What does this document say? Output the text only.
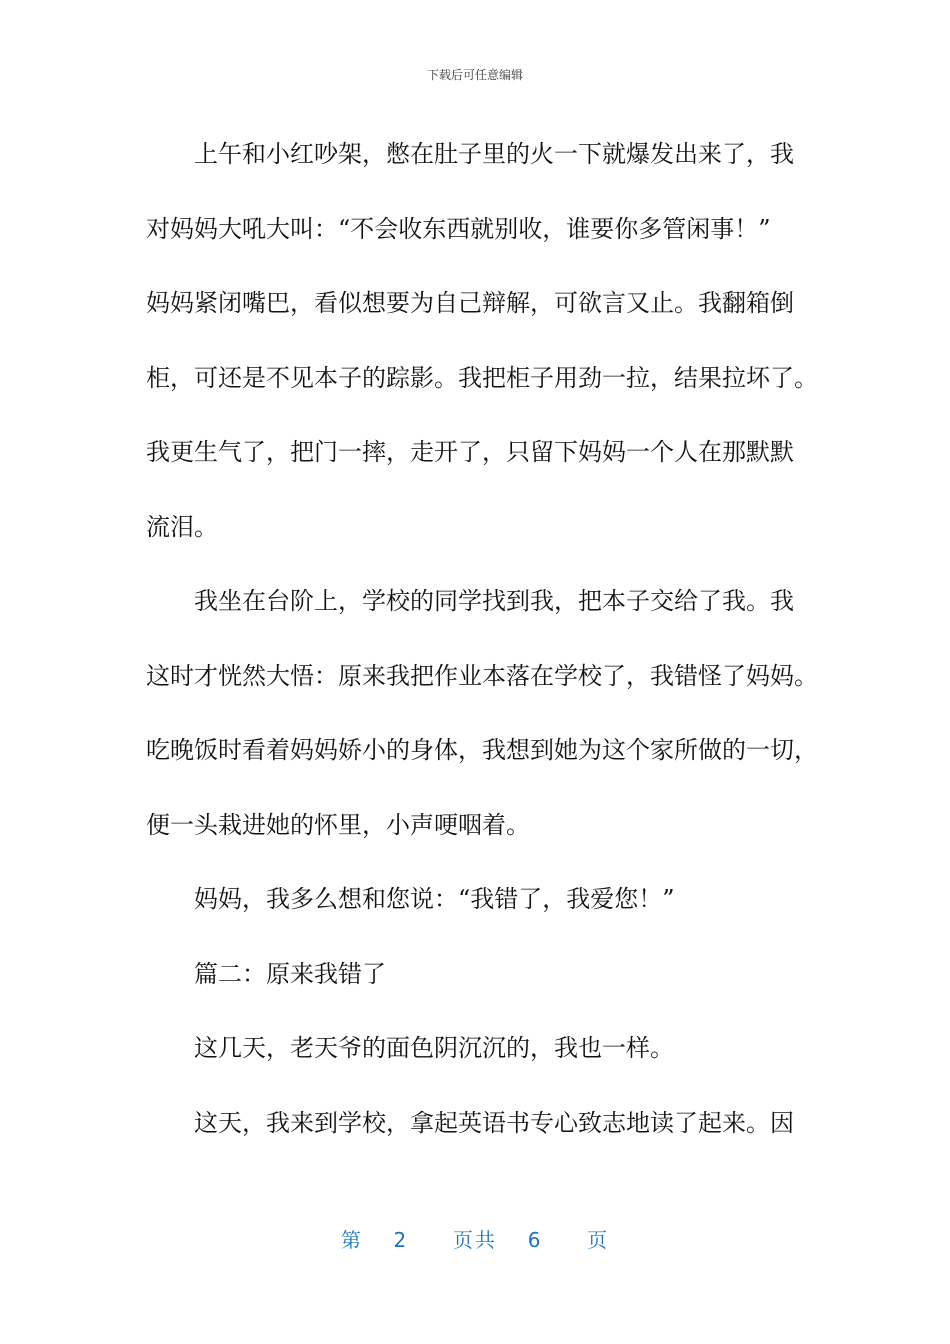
下载后可任意编辑
上午和小红吵架，憋在肚子里的火一下就爆发出来了，我
对妈妈大吼大叫：“不会收东西就别收，谁要你多管闲事！”
妈妈紧闭嘴巴，看似想要为自己辩解，可欲言又止。我翻箱倒
柜，可还是不见本子的踪影。我把柜子用劲一拉，结果拉坏了。
我更生气了，把门一摔，走开了，只留下妈妈一个人在那默默
流泪。
我坐在台阶上，学校的同学找到我，把本子交给了我。我
这时才恍然大悟：原来我把作业本落在学校了，我错怪了妈妈。
吃晚饭时看着妈妈娇小的身体，我想到她为这个家所做的一切，
便一头栽进她的怀里，小声哽咽着。
妈妈，我多么想和您说：“我错了，我爱您！”
篇二：原来我错了
这几天，老天爷的面色阴沉沉的，我也一样。
这天，我来到学校，拿起英语书专心致志地读了起来。因
第 2 页共 6 页
